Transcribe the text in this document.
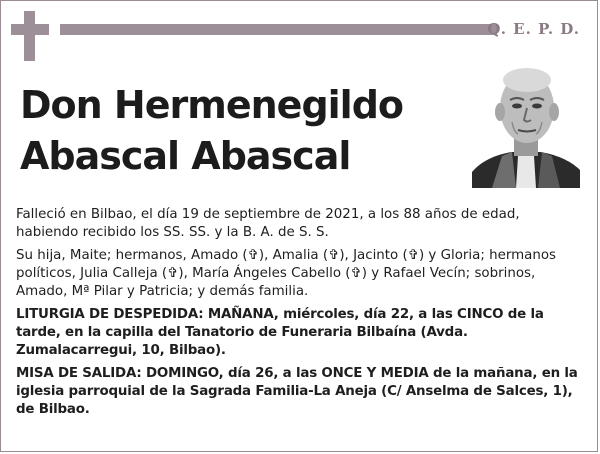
Q. E. P. D.
Don Hermenegildo
Abascal Abascal

Falleció en Bilbao, el día 19 de septiembre de 2021, a los 88 años de edad, habiendo recibido los SS. SS. y la B. A. de S. S.

Su hija, Maite; hermanos, Amado (✞), Amalia (✞), Jacinto (✞) y Gloria; hermanos políticos, Julia Calleja (✞), María Ángeles Cabello (✞) y Rafael Vecín; sobrinos, Amado, Mª Pilar y Patricia; y demás familia.

LITURGIA DE DESPEDIDA: MAÑANA, miércoles, día 22, a las CINCO de la tarde, en la capilla del Tanatorio de Funeraria Bilbaína (Avda. Zumalacarregui, 10, Bilbao).

MISA DE SALIDA: DOMINGO, día 26, a las ONCE Y MEDIA de la mañana, en la iglesia parroquial de la Sagrada Familia-La Aneja (C/ Anselma de Salces, 1), de Bilbao.
